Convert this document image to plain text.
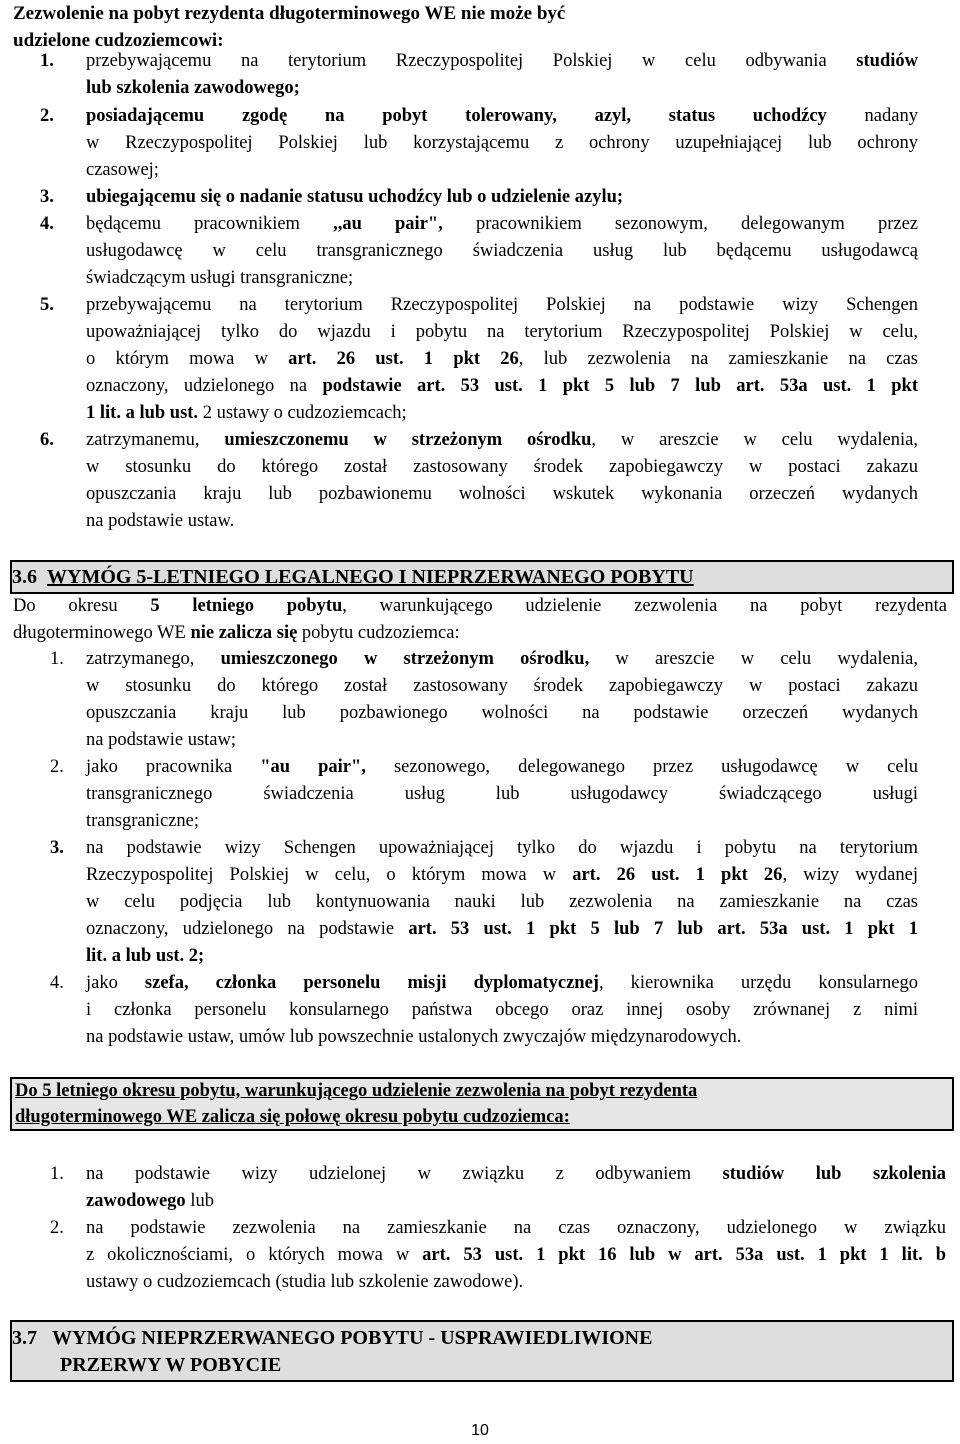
Zezwolenie na pobyt rezydenta długoterminowego WE nie może być
udzielone cudzoziemcowi:
1. przebywającemu na terytorium Rzeczypospolitej Polskiej w celu odbywania studiów
lub szkolenia zawodowego;
2. posiadającemu zgodę na pobyt tolerowany, azyl, status uchodźcy nadany
w Rzeczypospolitej Polskiej lub korzystającemu z ochrony uzupełniającej lub ochrony
czasowej;
3. ubiegającemu się o nadanie statusu uchodźcy lub o udzielenie azylu;
4. będącemu pracownikiem ,,au pair", pracownikiem sezonowym, delegowanym przez
usługodawcę w celu transgranicznego świadczenia usług lub będącemu usługodawcą
świadczącym usługi transgraniczne;
5. przebywającemu na terytorium Rzeczypospolitej Polskiej na podstawie wizy Schengen
upoważniającej tylko do wjazdu i pobytu na terytorium Rzeczypospolitej Polskiej w celu,
o którym mowa w art. 26 ust. 1 pkt 26, lub zezwolenia na zamieszkanie na czas
oznaczony, udzielonego na podstawie art. 53 ust. 1 pkt 5 lub 7 lub art. 53a ust. 1 pkt
1 lit. a lub ust. 2 ustawy o cudzoziemcach;
6. zatrzymanemu, umieszczonemu w strzeżonym ośrodku, w areszcie w celu wydalenia,
w stosunku do którego został zastosowany środek zapobiegawczy w postaci zakazu
opuszczania kraju lub pozbawionemu wolności wskutek wykonania orzeczeń wydanych
na podstawie ustaw.
3.6 WYMÓG 5-LETNIEGO LEGALNEGO I NIEPRZERWANEGO POBYTU
Do okresu 5 letniego pobytu, warunkującego udzielenie zezwolenia na pobyt rezydenta
długoterminowego WE nie zalicza się pobytu cudzoziemca:
1. zatrzymanego, umieszczonego w strzeżonym ośrodku, w areszcie w celu wydalenia,
w stosunku do którego został zastosowany środek zapobiegawczy w postaci zakazu
opuszczania kraju lub pozbawionego wolności na podstawie orzeczeń wydanych
na podstawie ustaw;
2. jako pracownika "au pair", sezonowego, delegowanego przez usługodawcę w celu
transgranicznego świadczenia usług lub usługodawcy świadczącego usługi
transgraniczne;
3. na podstawie wizy Schengen upoważniającej tylko do wjazdu i pobytu na terytorium
Rzeczypospolitej Polskiej w celu, o którym mowa w art. 26 ust. 1 pkt 26, wizy wydanej
w celu podjęcia lub kontynuowania nauki lub zezwolenia na zamieszkanie na czas
oznaczony, udzielonego na podstawie art. 53 ust. 1 pkt 5 lub 7 lub art. 53a ust. 1 pkt 1
lit. a lub ust. 2;
4. jako szefa, członka personelu misji dyplomatycznej, kierownika urzędu konsularnego
i członka personelu konsularnego państwa obcego oraz innej osoby zrównanej z nimi
na podstawie ustaw, umów lub powszechnie ustalonych zwyczajów międzynarodowych.
Do 5 letniego okresu pobytu, warunkującego udzielenie zezwolenia na pobyt rezydenta
długoterminowego WE zalicza się połowę okresu pobytu cudzoziemca:
1. na podstawie wizy udzielonej w związku z odbywaniem studiów lub szkolenia
zawodowego lub
2. na podstawie zezwolenia na zamieszkanie na czas oznaczony, udzielonego w związku
z okolicznościami, o których mowa w art. 53 ust. 1 pkt 16 lub w art. 53a ust. 1 pkt 1 lit. b
ustawy o cudzoziemcach (studia lub szkolenie zawodowe).
3.7 WYMÓG NIEPRZERWANEGO POBYTU - USPRAWIEDLIWIONE
PRZERWY W POBYCIE
10
